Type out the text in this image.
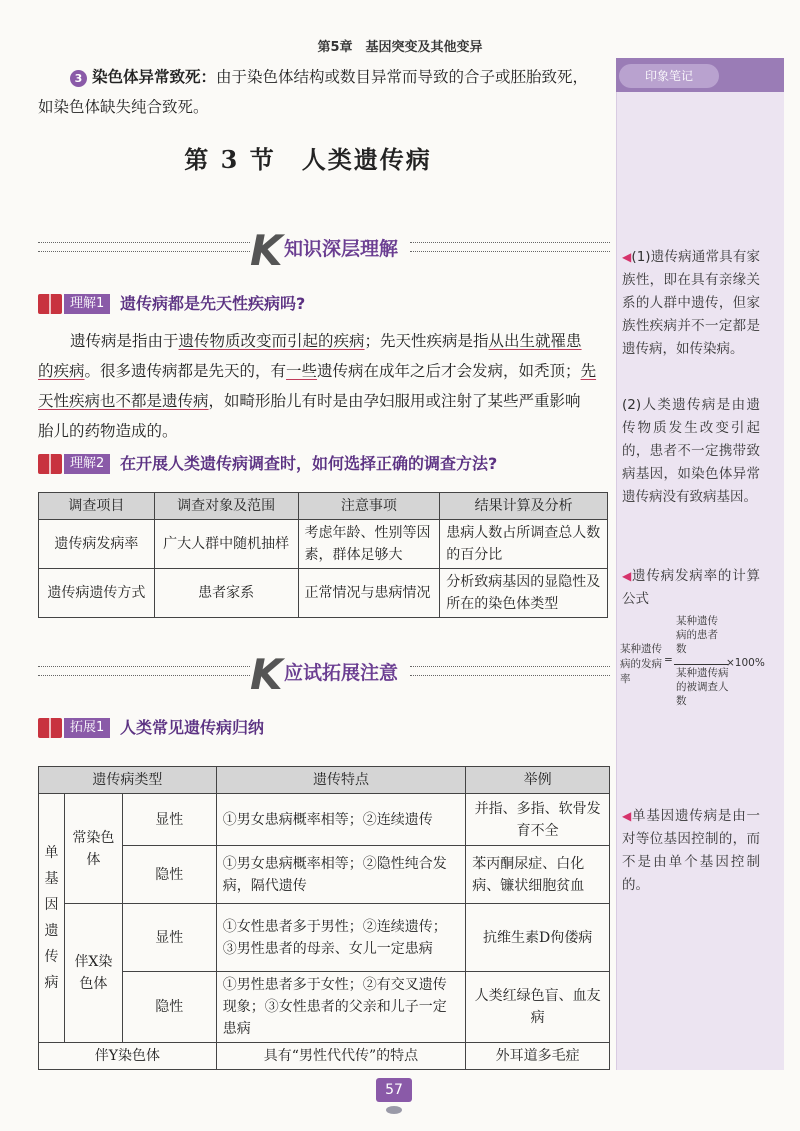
第5章　基因突变及其他变异
印象笔记
◀(1)遗传病通常具有家族性，即在具有亲缘关系的人群中遗传，但家族性疾病并不一定都是遗传病，如传染病。
(2)人类遗传病是由遗传物质发生改变引起的，患者不一定携带致病基因，如染色体异常遗传病没有致病基因。
◀遗传病发病率的计算公式
某种遗传病的发病率
=
某种遗传病的患者数
某种遗传病的被调查人数
×100%
◀单基因遗传病是由一对等位基因控制的，而不是由单个基因控制的。
3 染色体异常致死：由于染色体结构或数目异常而导致的合子或胚胎致死，
如染色体缺失纯合致死。
第 3 节　人类遗传病
K 知识深层理解
理解1 遗传病都是先天性疾病吗?
遗传病是指由于遗传物质改变而引起的疾病；先天性疾病是指从出生就罹患
的疾病。很多遗传病都是先天的，有一些遗传病在成年之后才会发病，如秃顶；先
天性疾病也不都是遗传病，如畸形胎儿有时是由孕妇服用或注射了某些严重影响
胎儿的药物造成的。
理解2 在开展人类遗传病调查时，如何选择正确的调查方法?
调查项目	调查对象及范围	注意事项	结果计算及分析
遗传病发病率	广大人群中随机抽样	考虑年龄、性别等因素，群体足够大	患病人数占所调查总人数的百分比
遗传病遗传方式	患者家系	正常情况与患病情况	分析致病基因的显隐性及所在的染色体类型
K 应试拓展注意
拓展1 人类常见遗传病归纳
遗传病类型			遗传特点	举例
单基因遗传病	常染色体	显性	①男女患病概率相等；②连续遗传	并指、多指、软骨发育不全
		隐性	①男女患病概率相等；②隐性纯合发病，隔代遗传	苯丙酮尿症、白化病、镰状细胞贫血
	伴X染色体	显性	①女性患者多于男性；②连续遗传；③男性患者的母亲、女儿一定患病	抗维生素D佝偻病
		隐性	①男性患者多于女性；②有交叉遗传现象；③女性患者的父亲和儿子一定患病	人类红绿色盲、血友病
伴Y染色体			具有“男性代代传”的特点	外耳道多毛症
57
